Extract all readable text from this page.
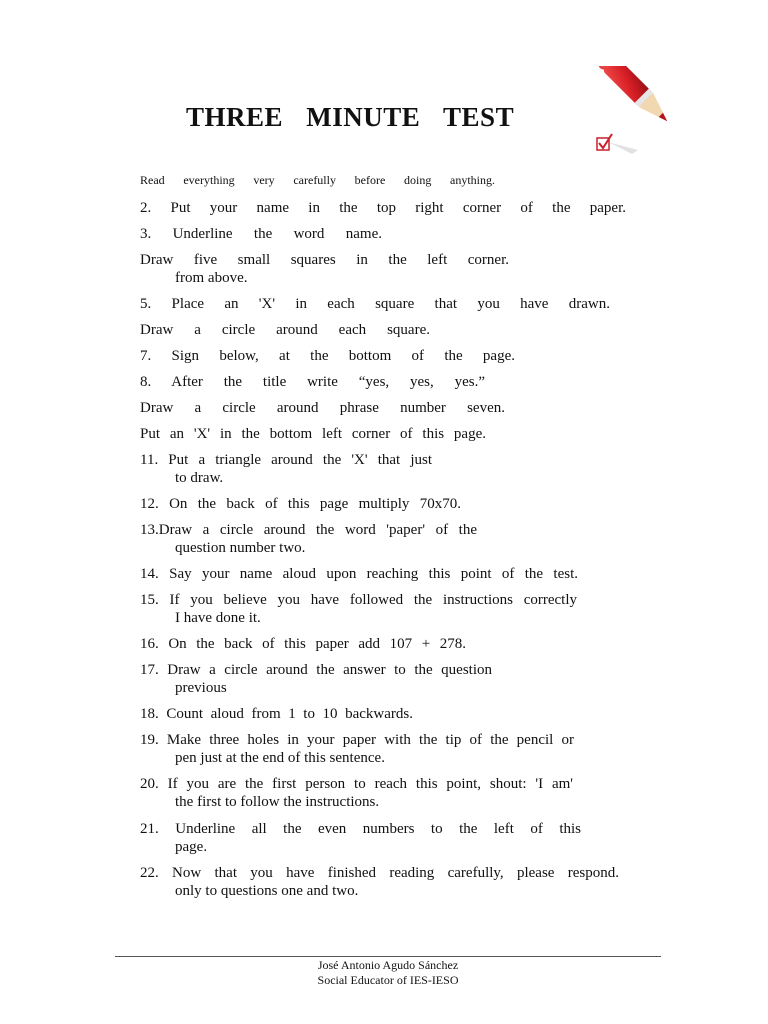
THREE MINUTE TEST
Read everything very carefully before doing anything.

2. Put your name in the top right corner of the paper.

3. Underline the word name.

Draw five small squares in the left corner.
from above.

5. Place an 'X' in each square that you have drawn.

Draw a circle around each square.

7. Sign below, at the bottom of the page.

8. After the title write “yes, yes, yes.”

Draw a circle around phrase number seven.

Put an 'X' in the bottom left corner of this page.

11. Put a triangle around the 'X' that just
to draw.

12. On the back of this page multiply 70x70.

13.Draw a circle around the word 'paper' of the
question number two.

14. Say your name aloud upon reaching this point of the test.

15. If you believe you have followed the instructions correctly
I have done it.

16. On the back of this paper add 107 + 278.

17. Draw a circle around the answer to the question
previous

18. Count aloud from 1 to 10 backwards.

19. Make three holes in your paper with the tip of the pencil or
pen just at the end of this sentence.

20. If you are the first person to reach this point, shout: 'I am'
the first to follow the instructions.

21. Underline all the even numbers to the left of this
page.

22. Now that you have finished reading carefully, please respond.
only to questions one and two.

José Antonio Agudo Sánchez
Social Educator of IES-IESO
